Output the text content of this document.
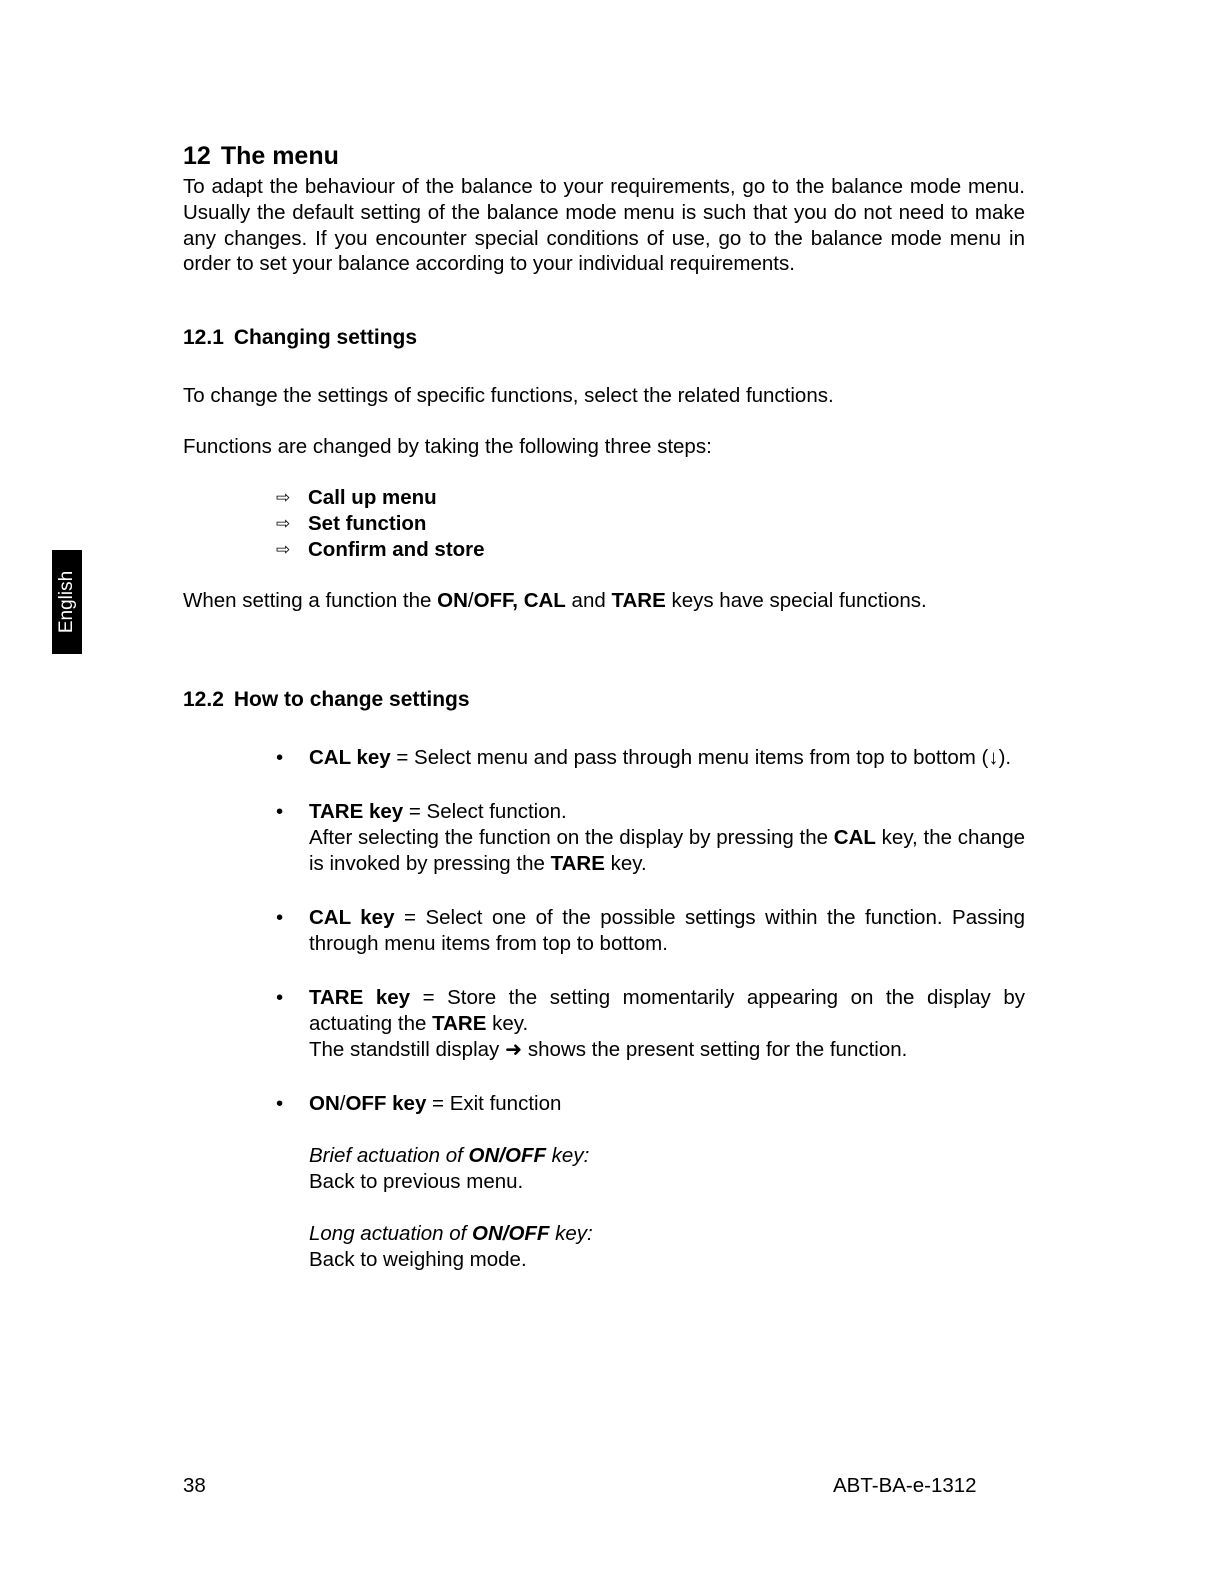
English
12 The menu

To adapt the behaviour of the balance to your requirements, go to the balance mode menu. Usually the default setting of the balance mode menu is such that you do not need to make any changes. If you encounter special conditions of use, go to the balance mode menu in order to set your balance according to your individual requirements.

12.1 Changing settings

To change the settings of specific functions, select the related functions.

Functions are changed by taking the following three steps:

⇨ Call up menu
⇨ Set function
⇨ Confirm and store

When setting a function the ON/OFF, CAL and TARE keys have special functions.

12.2 How to change settings
•	CAL key = Select menu and pass through menu items from top to bottom (↓).
•	TARE key = Select function.
After selecting the function on the display by pressing the CAL key, the change is invoked by pressing the TARE key.
•	CAL key = Select one of the possible settings within the function. Passing through menu items from top to bottom.
•	TARE key = Store the setting momentarily appearing on the display by actuating the TARE key.
The standstill display ➜ shows the present setting for the function.
•	ON/OFF key = Exit function
Brief actuation of ON/OFF key:
Back to previous menu.
Long actuation of ON/OFF key:
Back to weighing mode.
38	ABT-BA-e-1312
